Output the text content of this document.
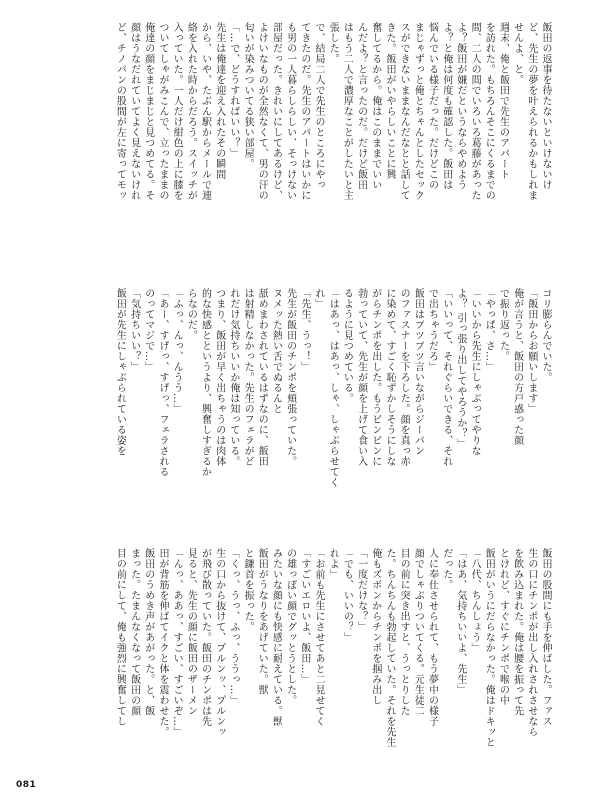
飯田の返事を待たないといけないけ
ど、先生の夢を叶えられるかもしれま
せんよ、と。
週末、俺と飯田で先生のアパート
を訪れた。もちろんそこにくるまでの
間、二人の間でいろいろ葛藤があった
よ？飯田が嫌だというならやめよう
よ？と俺は何度も確認した。飯田は
悩んでいる様子だった。だけどこの
まじゃずっと俺とちゃんとしたセック
スができないままなんだなとと話して
きた。飯田がいやらしいことに興
奮してるから。俺はこのままでいい
んだよ？と言ったのだ。だけど飯田
はもう二人で濃厚なことがしたいと主
張した。
で、結局二人で先生のところにやっ
てきたのだ。先生のアパートはいかに
も男の一人暮らしらしい、そっけない
部屋だった。きれいにしてあるけど、
よけいなものが全然なくて、男の汗の
匂いが染みついてる狭い部屋。
「…で、どうすればいい？」
先生は俺達を迎え入れたその瞬間
から、いや、たぶん駅からメールで連
絡を入れた時からだろう。スイッチが
入っていた。一人だけ紺色の上に膝を
ついてしゃがみこんで、立ったままの
俺達の顔をまじまじと見つめてる。そ
顔はうなだれていてよく見えないけれ
ど、チノパンの股間が左に寄ってモッ
コリ膨らんでいた。
「飯田からお願いします」
俺が言うと、飯田の方戸惑った顔
で振り返った。
「やっぱ、さ…」
「いいから先生にしゃぶってやりな
よ？ 引っ張り出してやろうか？」
「いいって、それぐらいできる、それ
で出ちゃうだろ」
飯田はブツブツ言いながらジーパン
のファスナーを下ろした。顔を真っ赤
に染めて、すごく恥ずかしそうにしな
がらチンポを出した。もうビンビンに
勃っていて、先生が顔を上げて食い入
るように見つめている。
「はあっ、はあっ、しゃ、しゃぶらせてく
れ」
「先生、うっ！」
先生が飯田のチンポを頬張っていた。
ヌメッた熱い舌でぬるんと
舐めまわされているはずなのに、飯田
は射精しなかった。先生のフェラがど
れだけ気持ちいいか俺は知っている。
つまり、飯田が早く出ちゃうのは肉体
的な快感とというより、興奮しすぎるか
らなのだ。
「ふっ、んっ、んうう…」
「あー、すげっ、すげっ、フェラされる
のってマジで…」
「気持ちいい？」
飯田が先生にしゃぶられている姿を
飯田の股間にも手を伸ばした。ファス
生の口にチンポが出し入れされさせなら
を飲み込まれた。俺は腰を振って先
とけれど、すぐにチンポで喉の中
飯田がいうにだらなかった。俺はドキッと
「八代、ちんしょう」
「はあ、気持ちいいよ、先生」
だった。
人に奉仕させられて、もう夢中の様子
顔でしゃぶりついてくる。元生徒二
目の前に突き出すと、うっとりした
た。ちんちんも勃起していた。それを先生
俺もズボンからチンポを掴み出し
「一度だけな？」
「でも、いいの？」
れよ」
「お前も先生にさせてあと二見せてく
「すごいエロいよ、飯田…」
の雄っぽい顔でグッとうとした。
みたいな顔にも快感に耐えている。獣
飯田がうなりをあげていた。獣
と鎌首を振った。
「くっ、うっ、ふっ、ううっ…」
生の口から抜けて、プルンッ、プルンッ
が飛び散っていた。飯田のチンポは先
見ると、先生の顔に飯田のザーメン
「んっ、ああっ、すごい、すごいぞ…」
田が背筋を伸ばてイクと体を震わせた。
飯田のうめき声があがった。と、飯
まった。たまんなくなって飯田の顔
目の前にして、俺も強烈に興奮してし
081
